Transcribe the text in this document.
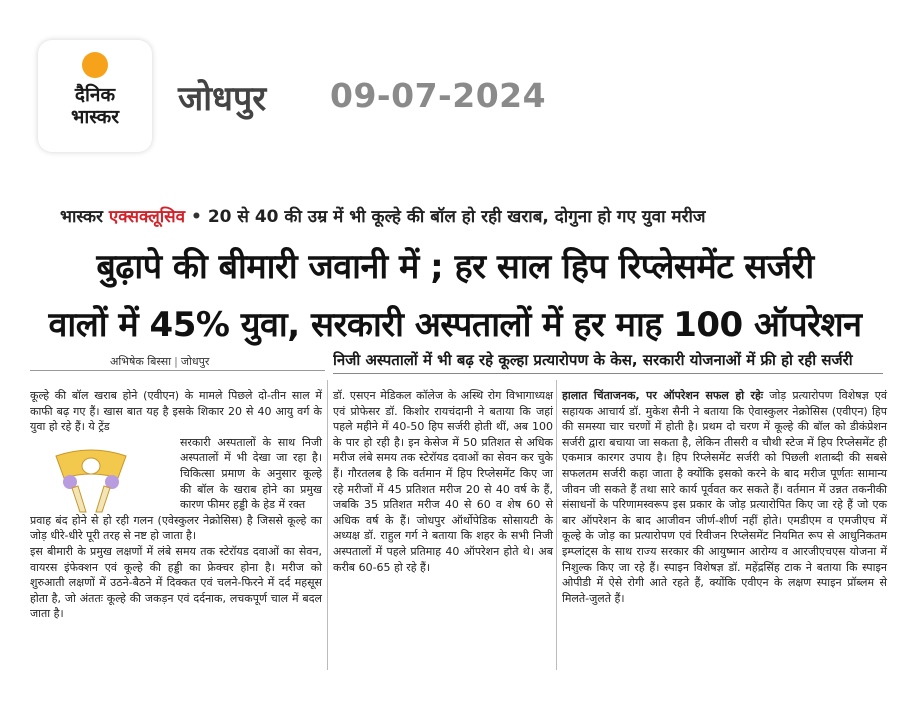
दैनिक
भास्कर	जोधपुर 09-07-2024
भास्कर एक्सक्लूसिव • 20 से 40 की उम्र में भी कूल्हे की बॉल हो रही खराब, दोगुना हो गए युवा मरीज
बुढ़ापे की बीमारी जवानी में ; हर साल हिप रिप्लेसमेंट सर्जरी
वालों में 45% युवा, सरकारी अस्पतालों में हर माह 100 ऑपरेशन
अभिषेक बिस्सा | जोधपुर	निजी अस्पतालों में भी बढ़ रहे कूल्हा प्रत्यारोपण के केस, सरकारी योजनाओं में फ्री हो रही सर्जरी

कूल्हे की बॉल खराब होने (एवीएन) के मामले पिछले दो-तीन साल में काफी बढ़ गए हैं। खास बात यह है इसके शिकार 20 से 40 आयु वर्ग के युवा हो रहे हैं। ये ट्रेंड

सरकारी अस्पतालों के साथ निजी अस्पतालों में भी देखा जा रहा है। चिकित्सा प्रमाण के अनुसार कूल्हे की बॉल के खराब होने का प्रमुख कारण फीमर हड्डी के हेड में रक्त

प्रवाह बंद होने से हो रही गलन (एवेस्कुलर नेक्रोसिस) है जिससे कूल्हे का जोड़ धीरे-धीरे पूरी तरह से नष्ट हो जाता है।

इस बीमारी के प्रमुख लक्षणों में लंबे समय तक स्टेरॉयड दवाओं का सेवन, वायरस इंफेक्शन एवं कूल्हे की हड्डी का फ्रेक्चर होना है। मरीज को शुरुआती लक्षणों में उठने-बैठने में दिक्कत एवं चलने-फिरने में दर्द महसूस होता है, जो अंततः कूल्हे की जकड़न एवं दर्दनाक, लचकपूर्ण चाल में बदल जाता है।

डॉ. एसएन मेडिकल कॉलेज के अस्थि रोग विभागाध्यक्ष एवं प्रोफेसर डॉ. किशोर रायचंदानी ने बताया कि जहां पहले महीने में 40-50 हिप सर्जरी होती थीं, अब 100 के पार हो रही है। इन केसेज में 50 प्रतिशत से अधिक मरीज लंबे समय तक स्टेरॉयड दवाओं का सेवन कर चुके हैं। गौरतलब है कि वर्तमान में हिप रिप्लेसमेंट किए जा रहे मरीजों में 45 प्रतिशत मरीज 20 से 40 वर्ष के हैं, जबकि 35 प्रतिशत मरीज 40 से 60 व शेष 60 से अधिक वर्ष के हैं। जोधपुर ऑर्थोपेडिक सोसायटी के अध्यक्ष डॉ. राहुल गर्ग ने बताया कि शहर के सभी निजी अस्पतालों में पहले प्रतिमाह 40 ऑपरेशन होते थे। अब करीब 60-65 हो रहे हैं।

हालात चिंताजनक, पर ऑपरेशन सफल हो रहेः जोड़ प्रत्यारोपण विशेषज्ञ एवं सहायक आचार्य डॉ. मुकेश सैनी ने बताया कि ऐवास्कुलर नेक्रोसिस (एवीएन) हिप की समस्या चार चरणों में होती है। प्रथम दो चरण में कूल्हे की बॉल को डीकंप्रेशन सर्जरी द्वारा बचाया जा सकता है, लेकिन तीसरी व चौथी स्टेज में हिप रिप्लेसमेंट ही एकमात्र कारगर उपाय है। हिप रिप्लेसमेंट सर्जरी को पिछली शताब्दी की सबसे सफलतम सर्जरी कहा जाता है क्योंकि इसको करने के बाद मरीज पूर्णतः सामान्य जीवन जी सकते हैं तथा सारे कार्य पूर्ववत कर सकते हैं। वर्तमान में उन्नत तकनीकी संसाधनों के परिणामस्वरूप इस प्रकार के जोड़ प्रत्यारोपित किए जा रहे हैं जो एक बार ऑपरेशन के बाद आजीवन जीर्ण-शीर्ण नहीं होते। एमडीएम व एमजीएच में कूल्हे के जोड़ का प्रत्यारोपण एवं रिवीजन रिप्लेसमेंट नियमित रूप से आधुनिकतम इम्प्लांट्स के साथ राज्य सरकार की आयुष्मान आरोग्य व आरजीएचएस योजना में निशुल्क किए जा रहे हैं। स्पाइन विशेषज्ञ डॉ. महेंद्रसिंह टाक ने बताया कि स्पाइन ओपीडी में ऐसे रोगी आते रहते हैं, क्योंकि एवीएन के लक्षण स्पाइन प्रॉब्लम से मिलते-जुलते हैं।
